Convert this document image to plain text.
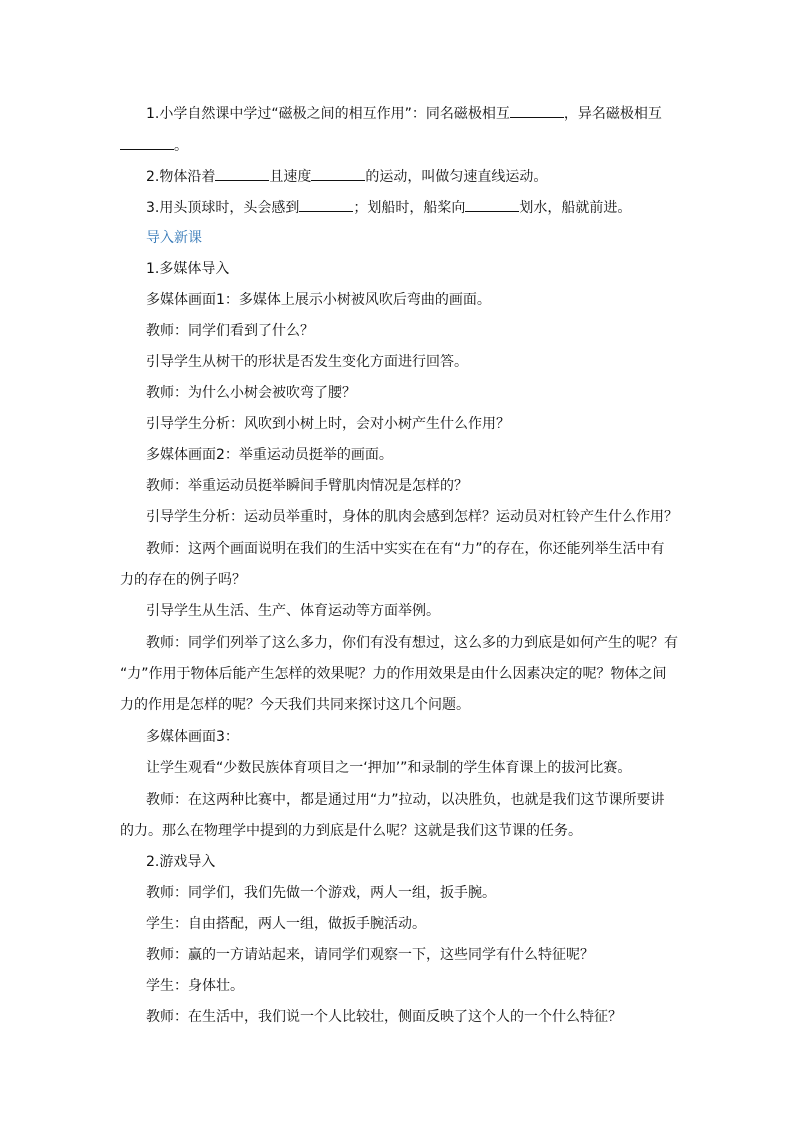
1.小学自然课中学过“磁极之间的相互作用”：同名磁极相互	，异名磁极相互
。
2.物体沿着	且速度	的运动，叫做匀速直线运动。
3.用头顶球时，头会感到	；划船时，船桨向	划水，船就前进。
导入新课
1.多媒体导入
多媒体画面1：多媒体上展示小树被风吹后弯曲的画面。
教师：同学们看到了什么？
引导学生从树干的形状是否发生变化方面进行回答。
教师：为什么小树会被吹弯了腰？
引导学生分析：风吹到小树上时，会对小树产生什么作用？
多媒体画面2：举重运动员挺举的画面。
教师：举重运动员挺举瞬间手臂肌肉情况是怎样的？
引导学生分析：运动员举重时，身体的肌肉会感到怎样？运动员对杠铃产生什么作用？
教师：这两个画面说明在我们的生活中实实在在有“力”的存在，你还能列举生活中有
力的存在的例子吗？
引导学生从生活、生产、体育运动等方面举例。
教师：同学们列举了这么多力，你们有没有想过，这么多的力到底是如何产生的呢？有
“力”作用于物体后能产生怎样的效果呢？力的作用效果是由什么因素决定的呢？物体之间
力的作用是怎样的呢？今天我们共同来探讨这几个问题。
多媒体画面3：
让学生观看“少数民族体育项目之一‘押加’”和录制的学生体育课上的拔河比赛。
教师：在这两种比赛中，都是通过用“力”拉动，以决胜负，也就是我们这节课所要讲
的力。那么在物理学中提到的力到底是什么呢？这就是我们这节课的任务。
2.游戏导入
教师：同学们，我们先做一个游戏，两人一组，扳手腕。
学生：自由搭配，两人一组，做扳手腕活动。
教师：赢的一方请站起来，请同学们观察一下，这些同学有什么特征呢？
学生：身体壮。
教师：在生活中，我们说一个人比较壮，侧面反映了这个人的一个什么特征？
